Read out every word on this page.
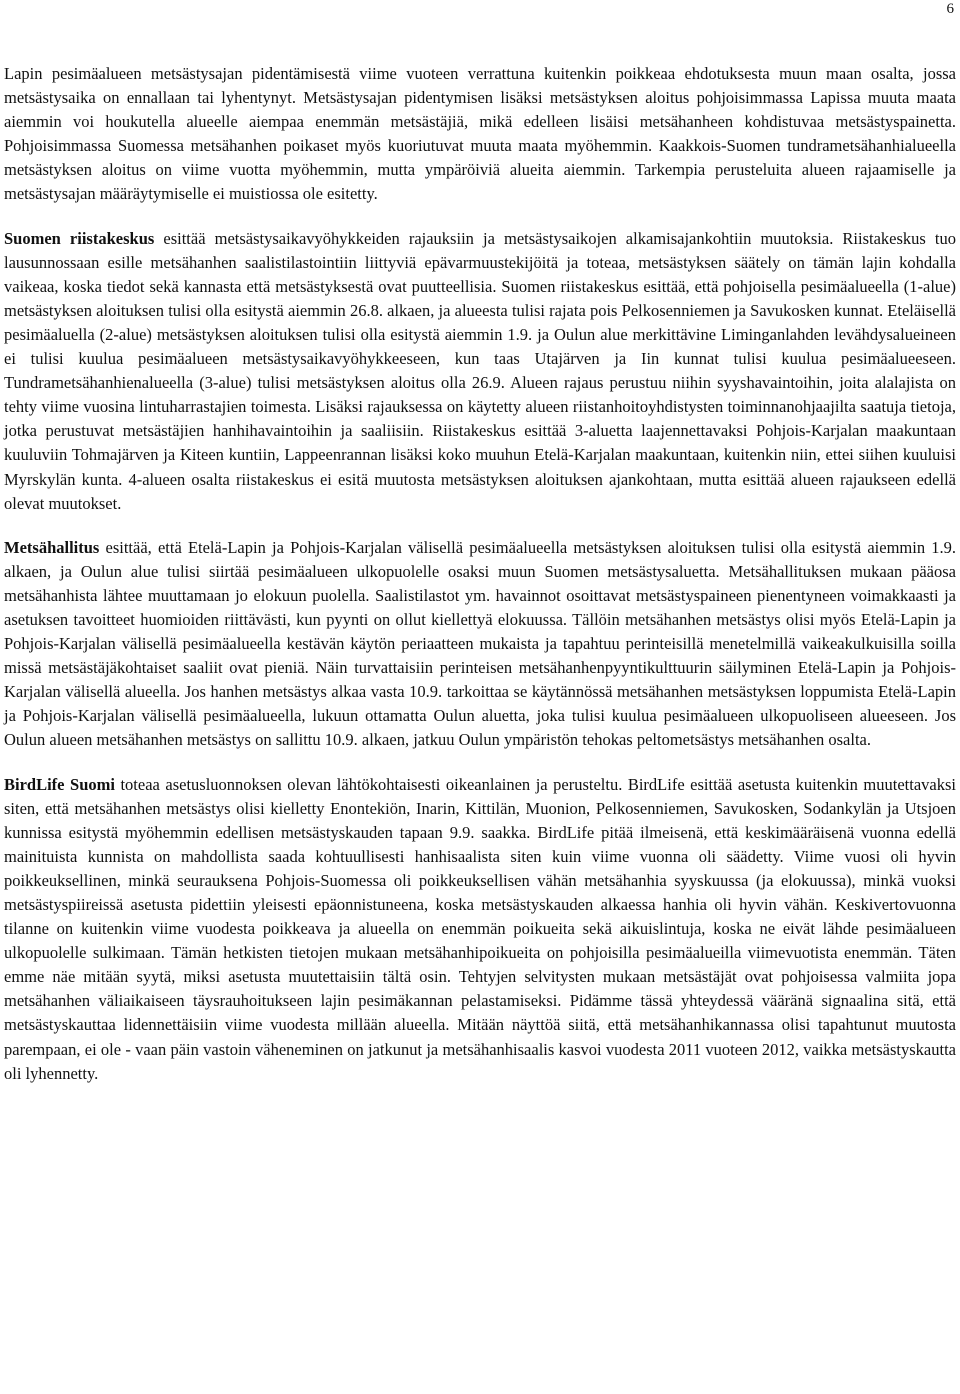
6

Lapin pesimäalueen metsästysajan pidentämisestä viime vuoteen verrattuna kuitenkin poikkeaa ehdotuksesta muun maan osalta, jossa metsästysaika on ennallaan tai lyhentynyt. Metsästysajan pidentymisen lisäksi metsästyksen aloitus pohjoisimmassa Lapissa muuta maata aiemmin voi houkutella alueelle aiempaa enemmän metsästäjiä, mikä edelleen lisäisi metsähanheen kohdistuvaa metsästyspainetta. Pohjoisimmassa Suomessa metsähanhen poikaset myös kuoriutuvat muuta maata myöhemmin. Kaakkois-Suomen tundrametsähanhialueella metsästyksen aloitus on viime vuotta myöhemmin, mutta ympäröiviä alueita aiemmin. Tarkempia perusteluita alueen rajaamiselle ja metsästysajan määräytymiselle ei muistiossa ole esitetty.

Suomen riistakeskus esittää metsästysaikavyöhykkeiden rajauksiin ja metsästysaikojen alkamisajankohtiin muutoksia. Riistakeskus tuo lausunnossaan esille metsähanhen saalistilastointiin liittyviä epävarmuustekijöitä ja toteaa, metsästyksen säätely on tämän lajin kohdalla vaikeaa, koska tiedot sekä kannasta että metsästyksestä ovat puutteellisia. Suomen riistakeskus esittää, että pohjoisella pesimäalueella (1-alue) metsästyksen aloituksen tulisi olla esitystä aiemmin 26.8. alkaen, ja alueesta tulisi rajata pois Pelkosenniemen ja Savukosken kunnat. Eteläisellä pesimäaluella (2-alue) metsästyksen aloituksen tulisi olla esitystä aiemmin 1.9. ja Oulun alue merkittävine Liminganlahden levähdysalueineen ei tulisi kuulua pesimäalueen metsästysaikavyöhykkeeseen, kun taas Utajärven ja Iin kunnat tulisi kuulua pesimäalueeseen. Tundrametsähanhienalueella (3-alue) tulisi metsästyksen aloitus olla 26.9. Alueen rajaus perustuu niihin syyshavaintoihin, joita alalajista on tehty viime vuosina lintuharrastajien toimesta. Lisäksi rajauksessa on käytetty alueen riistanhoitoyhdistysten toiminnanohjaajilta saatuja tietoja, jotka perustuvat metsästäjien hanhihavaintoihin ja saaliisiin. Riistakeskus esittää 3-aluetta laajennettavaksi Pohjois-Karjalan maakuntaan kuuluviin Tohmajärven ja Kiteen kuntiin, Lappeenrannan lisäksi koko muuhun Etelä-Karjalan maakuntaan, kuitenkin niin, ettei siihen kuuluisi Myrskylän kunta. 4-alueen osalta riistakeskus ei esitä muutosta metsästyksen aloituksen ajankohtaan, mutta esittää alueen rajaukseen edellä olevat muutokset.

Metsähallitus esittää, että Etelä-Lapin ja Pohjois-Karjalan välisellä pesimäalueella metsästyksen aloituksen tulisi olla esitystä aiemmin 1.9. alkaen, ja Oulun alue tulisi siirtää pesimäalueen ulkopuolelle osaksi muun Suomen metsästysaluetta. Metsähallituksen mukaan pääosa metsähanhista lähtee muuttamaan jo elokuun puolella. Saalistilastot ym. havainnot osoittavat metsästyspaineen pienentyneen voimakkaasti ja asetuksen tavoitteet huomioiden riittävästi, kun pyynti on ollut kiellettyä elokuussa. Tällöin metsähanhen metsästys olisi myös Etelä-Lapin ja Pohjois-Karjalan välisellä pesimäalueella kestävän käytön periaatteen mukaista ja tapahtuu perinteisillä menetelmillä vaikeakulkuisilla soilla missä metsästäjäkohtaiset saaliit ovat pieniä. Näin turvattaisiin perinteisen metsähanhenpyyntikulttuurin säilyminen Etelä-Lapin ja Pohjois-Karjalan välisellä alueella. Jos hanhen metsästys alkaa vasta 10.9. tarkoittaa se käytännössä metsähanhen metsästyksen loppumista Etelä-Lapin ja Pohjois-Karjalan välisellä pesimäalueella, lukuun ottamatta Oulun aluetta, joka tulisi kuulua pesimäalueen ulkopuoliseen alueeseen. Jos Oulun alueen metsähanhen metsästys on sallittu 10.9. alkaen, jatkuu Oulun ympäristön tehokas peltometsästys metsähanhen osalta.

BirdLife Suomi toteaa asetusluonnoksen olevan lähtökohtaisesti oikeanlainen ja perusteltu. BirdLife esittää asetusta kuitenkin muutettavaksi siten, että metsähanhen metsästys olisi kielletty Enontekiön, Inarin, Kittilän, Muonion, Pelkosenniemen, Savukosken, Sodankylän ja Utsjoen kunnissa esitystä myöhemmin edellisen metsästyskauden tapaan 9.9. saakka. BirdLife pitää ilmeisenä, että keskimääräisenä vuonna edellä mainituista kunnista on mahdollista saada kohtuullisesti hanhisaalista siten kuin viime vuonna oli säädetty. Viime vuosi oli hyvin poikkeuksellinen, minkä seurauksena Pohjois-Suomessa oli poikkeuksellisen vähän metsähanhia syyskuussa (ja elokuussa), minkä vuoksi metsästyspiireissä asetusta pidettiin yleisesti epäonnistuneena, koska metsästyskauden alkaessa hanhia oli hyvin vähän. Keskivertovuonna tilanne on kuitenkin viime vuodesta poikkeava ja alueella on enemmän poikueita sekä aikuislintuja, koska ne eivät lähde pesimäalueen ulkopuolelle sulkimaan. Tämän hetkisten tietojen mukaan metsähanhipoikueita on pohjoisilla pesimäalueilla viimevuotista enemmän. Täten emme näe mitään syytä, miksi asetusta muutettaisiin tältä osin. Tehtyjen selvitysten mukaan metsästäjät ovat pohjoisessa valmiita jopa metsähanhen väliaikaiseen täysrauhoitukseen lajin pesimäkannan pelastamiseksi. Pidämme tässä yhteydessä vääränä signaalina sitä, että metsästyskauttaa lidennettäisiin viime vuodesta millään alueella. Mitään näyttöä siitä, että metsähanhikannassa olisi tapahtunut muutosta parempaan, ei ole - vaan päin vastoin väheneminen on jatkunut ja metsähanhisaalis kasvoi vuodesta 2011 vuoteen 2012, vaikka metsästyskautta oli lyhennetty.
